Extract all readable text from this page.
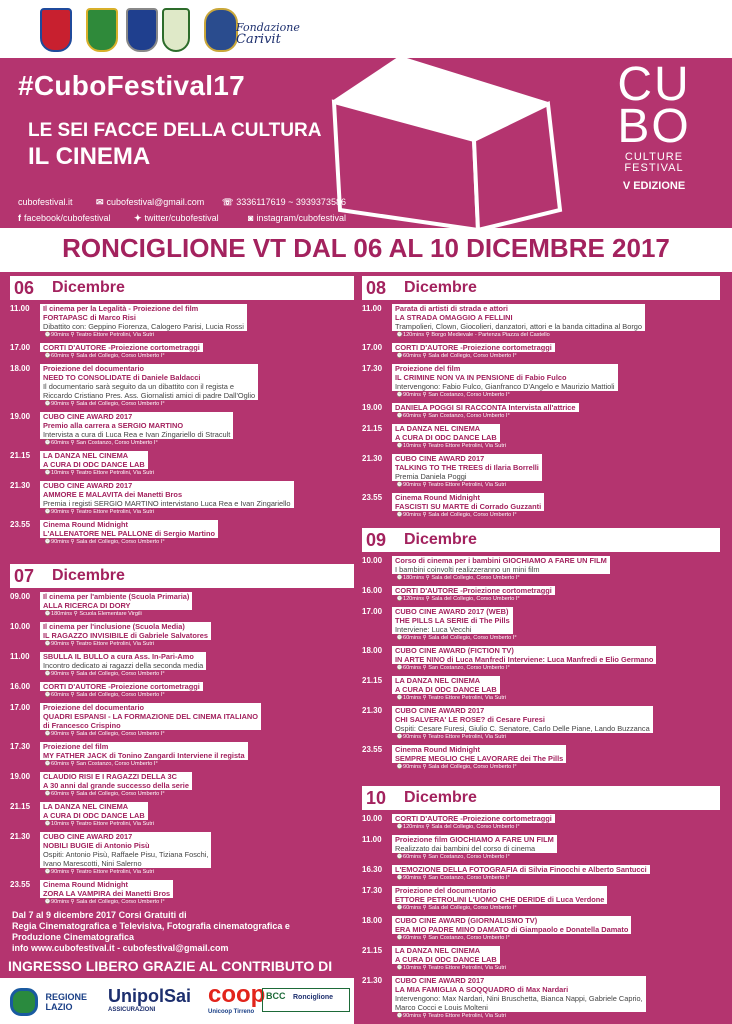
Fondazione
Carivit
#CuboFestival17
LE SEI FACCE DELLA CULTURA
IL CINEMA
CU
BO
CULTURE
FESTIVAL
V EDIZIONE
cubofestival.it	✉ cubofestival@gmail.com ☏ 3336117619 ~ 3939373586
f facebook/cubofestival	✦ twitter/cubofestival	◙ instagram/cubofestival
RONCIGLIONE VT DAL 06 AL 10 DICEMBRE 2017
06 Dicembre
11.00 Il cinema per la Legalità - Proiezione del film
FORTAPASC di Marco Risi
Dibattito con: Geppino Fiorenza, Calogero Parisi, Lucia Rossi
⌚90mins ⚲ Teatro Ettore Petrolini, Via Sutri
17.00 CORTI D'AUTORE -Proiezione cortometraggi
⌚60mins ⚲ Sala del Collegio, Corso Umberto I°
18.00 Proiezione del documentario
NEED TO CONSOLIDATE di Daniele Baldacci
Il documentario sarà seguito da un dibattito con il regista e
Riccardo Cristiano Pres. Ass. Giornalisti amici di padre Dall'Oglio
⌚90mins ⚲ Sala del Collegio, Corso Umberto I°
19.00 CUBO CINE AWARD 2017
Premio alla carrera a SERGIO MARTINO
Intervista a cura di Luca Rea e Ivan Zingariello di Stracult
⌚60mins ⚲ San Costanzo, Corso Umberto I°
21.15 LA DANZA NEL CINEMA
A CURA DI ODC DANCE LAB
⌚10mins ⚲ Teatro Ettore Petrolini, Via Sutri
21.30 CUBO CINE AWARD 2017
AMMORE E MALAVITA dei Manetti Bros
Premia i registi SERGIO MARTINO intervistano Luca Rea e Ivan Zingariello
⌚90mins ⚲ Teatro Ettore Petrolini, Via Sutri
23.55 Cinema Round Midnight
L'ALLENATORE NEL PALLONE di Sergio Martino
⌚90mins ⚲ Sala del Collegio, Corso Umberto I°
07 Dicembre
09.00 Il cinema per l'ambiente (Scuola Primaria)
ALLA RICERCA DI DORY
⌚180mins ⚲ Scuola Elementare Virgili
10.00 Il cinema per l'inclusione (Scuola Media)
IL RAGAZZO INVISIBILE di Gabriele Salvatores
⌚90mins ⚲ Teatro Ettore Petrolini, Via Sutri
11.00 SBULLA IL BULLO a cura Ass. In-Pari-Amo
Incontro dedicato ai ragazzi della seconda media
⌚90mins ⚲ Sala del Collegio, Corso Umberto I°
16.00 CORTI D'AUTORE -Proiezione cortometraggi
⌚60mins ⚲ Sala del Collegio, Corso Umberto I°
17.00 Proiezione del documentario
QUADRI ESPANSI - LA FORMAZIONE DEL CINEMA ITALIANO
di Francesco Crispino
⌚90mins ⚲ Sala del Collegio, Corso Umberto I°
17.30 Proiezione del film
MY FATHER JACK di Tonino Zangardi Interviene il regista
⌚60mins ⚲ San Costanzo, Corso Umberto I°
19.00 CLAUDIO RISI E I RAGAZZI DELLA 3C
A 30 anni dal grande successo della serie
⌚60mins ⚲ Sala del Collegio, Corso Umberto I°
21.15 LA DANZA NEL CINEMA
A CURA DI ODC DANCE LAB
⌚10mins ⚲ Teatro Ettore Petrolini, Via Sutri
21.30 CUBO CINE AWARD 2017
NOBILI BUGIE di Antonio Pisù
Ospiti: Antonio Pisù, Raffaele Pisu, Tiziana Foschi,
Ivano Marescotti, Nini Salerno
⌚90mins ⚲ Teatro Ettore Petrolini, Via Sutri
23.55 Cinema Round Midnight
ZORA LA VAMPIRA dei Manetti Bros
⌚90mins ⚲ Sala del Collegio, Corso Umberto I°
08 Dicembre
11.00 Parata di artisti di strada e attori
LA STRADA OMAGGIO A FELLINI
Trampolieri, Clown, Giocolieri, danzatori, attori e la banda cittadina al Borgo
⌚120mins ⚲ Borgo Medievale - Partenza Piazza del Castello
17.00 CORTI D'AUTORE -Proiezione cortometraggi
⌚60mins ⚲ Sala del Collegio, Corso Umberto I°
17.30 Proiezione del film
IL CRIMINE NON VA IN PENSIONE di Fabio Fulco
Intervengono: Fabio Fulco, Gianfranco D'Angelo e Maurizio Mattioli
⌚90mins ⚲ San Costanzo, Corso Umberto I°
19.00 DANIELA POGGI SI RACCONTA Intervista all'attrice
⌚60mins ⚲ San Costanzo, Corso Umberto I°
21.15 LA DANZA NEL CINEMA
A CURA DI ODC DANCE LAB
⌚10mins ⚲ Teatro Ettore Petrolini, Via Sutri
21.30 CUBO CINE AWARD 2017
TALKING TO THE TREES di Ilaria Borrelli
Premia Daniela Poggi
⌚90mins ⚲ Teatro Ettore Petrolini, Via Sutri
23.55 Cinema Round Midnight
FASCISTI SU MARTE di Corrado Guzzanti
⌚90mins ⚲ Sala del Collegio, Corso Umberto I°
09 Dicembre
10.00 Corso di cinema per i bambini GIOCHIAMO A FARE UN FILM
I bambini coinvolti realizzeranno un mini film
⌚180mins ⚲ Sala del Collegio, Corso Umberto I°
16.00 CORTI D'AUTORE -Proiezione cortometraggi
⌚120mins ⚲ Sala del Collegio, Corso Umberto I°
17.00 CUBO CINE AWARD 2017 (WEB)
THE PILLS LA SERIE di The Pills
Interviene: Luca Vecchi
⌚60mins ⚲ Sala del Collegio, Corso Umberto I°
18.00 CUBO CINE AWARD (FICTION TV)
IN ARTE NINO di Luca Manfredi Interviene: Luca Manfredi e Elio Germano
⌚60mins ⚲ San Costanzo, Corso Umberto I°
21.15 LA DANZA NEL CINEMA
A CURA DI ODC DANCE LAB
⌚10mins ⚲ Teatro Ettore Petrolini, Via Sutri
21.30 CUBO CINE AWARD 2017
CHI SALVERA' LE ROSE? di Cesare Furesi
Ospiti: Cesare Furesi, Giulio C. Senatore, Carlo Delle Piane, Lando Buzzanca
⌚90mins ⚲ Teatro Ettore Petrolini, Via Sutri
23.55 Cinema Round Midnight
SEMPRE MEGLIO CHE LAVORARE dei The Pills
⌚90mins ⚲ Sala del Collegio, Corso Umberto I°
10 Dicembre
10.00 CORTI D'AUTORE -Proiezione cortometraggi
⌚120mins ⚲ Sala del Collegio, Corso Umberto I°
11.00 Proiezione film GIOCHIAMO A FARE UN FILM
Realizzato dai bambini del corso di cinema
⌚60mins ⚲ San Costanzo, Corso Umberto I°
16.30 L'EMOZIONE DELLA FOTOGRAFIA di Silvia Finocchi e Alberto Santucci
⌚90mins ⚲ San Costanzo, Corso Umberto I°
17.30 Proiezione del documentario
ETTORE PETROLINI L'UOMO CHE DERIDE di Luca Verdone
⌚60mins ⚲ Sala del Collegio, Corso Umberto I°
18.00 CUBO CINE AWARD (GIORNALISMO TV)
ERA MIO PADRE MINO DAMATO di Giampaolo e Donatella Damato
⌚60mins ⚲ San Costanzo, Corso Umberto I°
21.15 LA DANZA NEL CINEMA
A CURA DI ODC DANCE LAB
⌚10mins ⚲ Teatro Ettore Petrolini, Via Sutri
21.30 CUBO CINE AWARD 2017
LA MIA FAMIGLIA A SOQQUADRO di Max Nardari
Intervengono: Max Nardari, Nini Bruschetta, Bianca Nappi, Gabriele Caprio,
Marco Cocci e Louis Molteni
⌚90mins ⚲ Teatro Ettore Petrolini, Via Sutri
Dal 7 al 9 dicembre 2017 Corsi Gratuiti di
Regia Cinematografica e Televisiva, Fotografia cinematografica e
Produzione Cinematografica
info www.cubofestival.it - cubofestival@gmail.com
INGRESSO LIBERO GRAZIE AL CONTRIBUTO DI
REGIONE
LAZIO
UnipolSai
ASSICURAZIONI
coop
Unicoop Tirreno
BCC Ronciglione
